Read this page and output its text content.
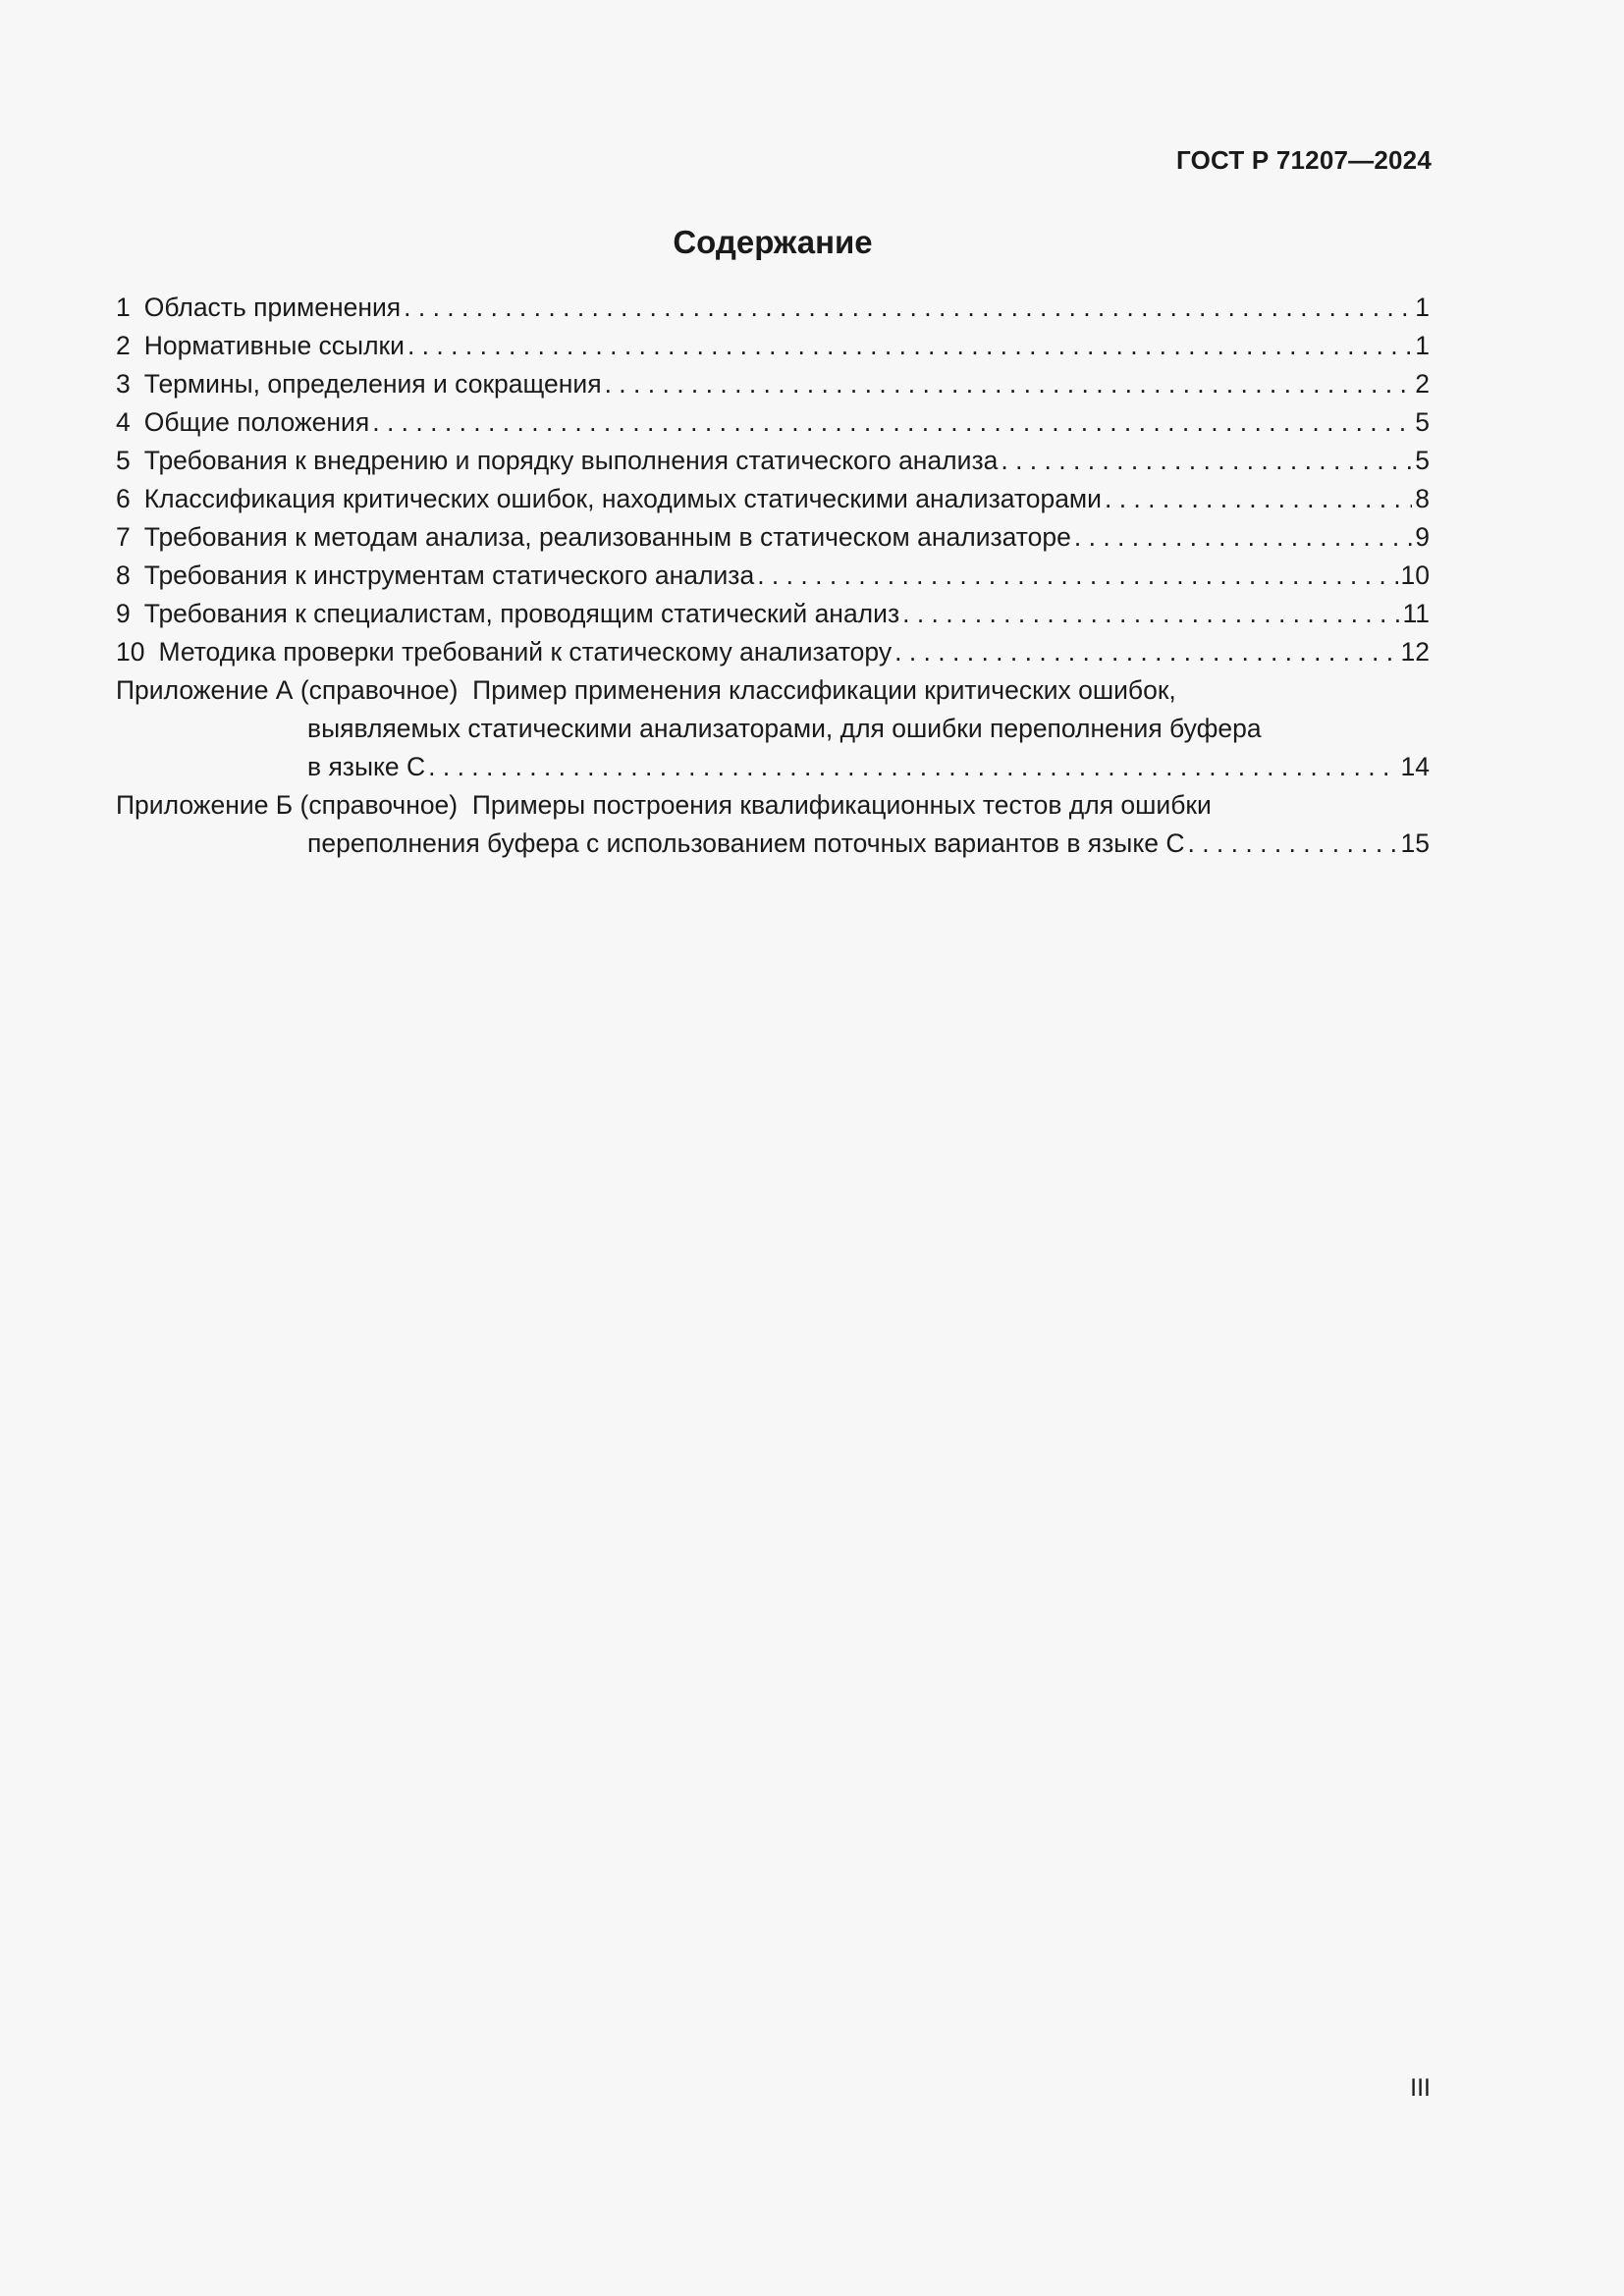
ГОСТ Р 71207—2024
Содержание
1 Область применения . . .	1
2 Нормативные ссылки . . .	1
3 Термины, определения и сокращения . . .	2
4 Общие положения . . .	5
5 Требования к внедрению и порядку выполнения статического анализа . . .	5
6 Классификация критических ошибок, находимых статическими анализаторами . . .	8
7 Требования к методам анализа, реализованным в статическом анализаторе . . .	9
8 Требования к инструментам статического анализа . . .	10
9 Требования к специалистам, проводящим статический анализ . . .	11
10 Методика проверки требований к статическому анализатору . . .	12
Приложение А (справочное) Пример применения классификации критических ошибок,
выявляемых статическими анализаторами, для ошибки переполнения буфера
в языке C . . .	14
Приложение Б (справочное) Примеры построения квалификационных тестов для ошибки
переполнения буфера с использованием поточных вариантов в языке C . . .	15
III
